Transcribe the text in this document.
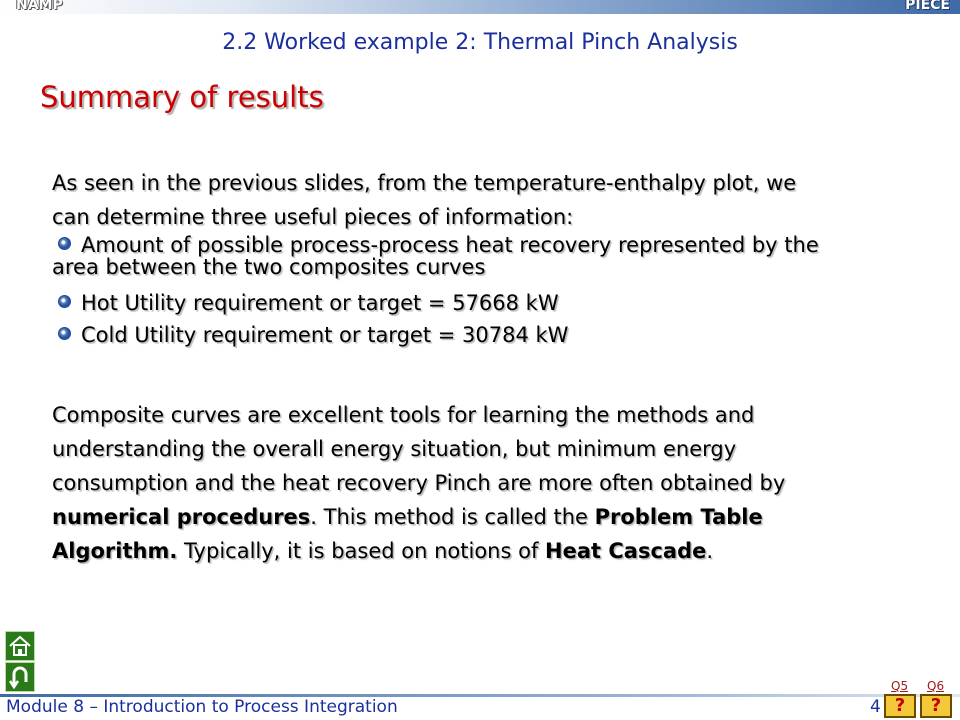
NAMP	PIECE
2.2 Worked example 2: Thermal Pinch Analysis
Summary of results
As seen in the previous slides, from the temperature-enthalpy plot, we
can determine three useful pieces of information:
Amount of possible process-process heat recovery represented by the
area between the two composites curves
Hot Utility requirement or target = 57668 kW
Cold Utility requirement or target = 30784 kW
Composite curves are excellent tools for learning the methods and
understanding the overall energy situation, but minimum energy
consumption and the heat recovery Pinch are more often obtained by
numerical procedures. This method is called the Problem Table
Algorithm. Typically, it is based on notions of Heat Cascade.
Module 8 – Introduction to Process Integration	4
Q5 Q6
?	?
